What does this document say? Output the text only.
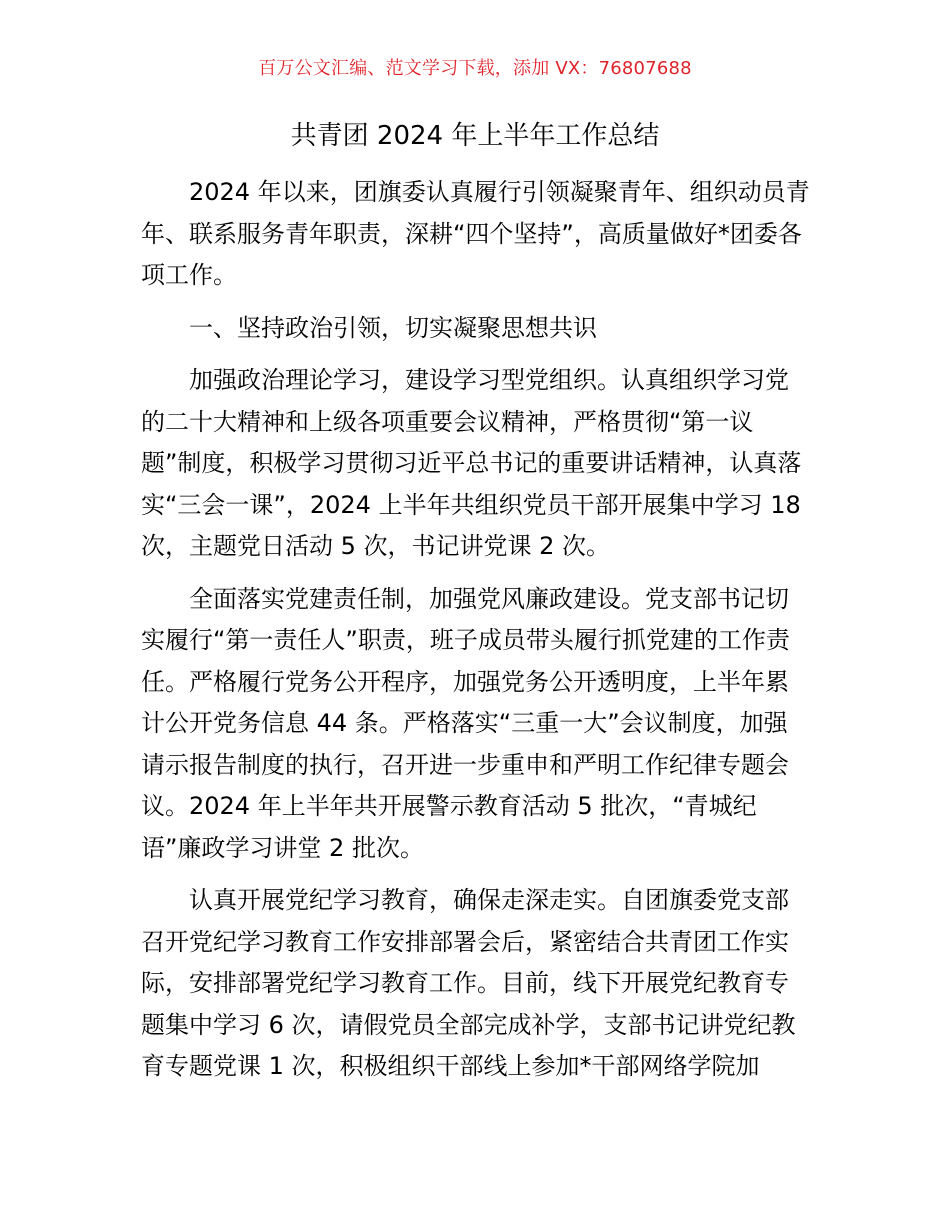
百万公文汇编、范文学习下载，添加 VX：76807688
共青团 2024 年上半年工作总结

2024 年以来，团旗委认真履行引领凝聚青年、组织动员青年、联系服务青年职责，深耕“四个坚持”，高质量做好*团委各项工作。

一、坚持政治引领，切实凝聚思想共识

加强政治理论学习，建设学习型党组织。认真组织学习党的二十大精神和上级各项重要会议精神，严格贯彻“第一议题”制度，积极学习贯彻习近平总书记的重要讲话精神，认真落实“三会一课”，2024 上半年共组织党员干部开展集中学习 18 次，主题党日活动 5 次，书记讲党课 2 次。

全面落实党建责任制，加强党风廉政建设。党支部书记切实履行“第一责任人”职责，班子成员带头履行抓党建的工作责任。严格履行党务公开程序，加强党务公开透明度，上半年累计公开党务信息 44 条。严格落实“三重一大”会议制度，加强请示报告制度的执行，召开进一步重申和严明工作纪律专题会议。2024 年上半年共开展警示教育活动 5 批次，“青城纪语”廉政学习讲堂 2 批次。

认真开展党纪学习教育，确保走深走实。自团旗委党支部召开党纪学习教育工作安排部署会后，紧密结合共青团工作实际，安排部署党纪学习教育工作。目前，线下开展党纪教育专题集中学习 6 次，请假党员全部完成补学，支部书记讲党纪教育专题党课 1 次，积极组织干部线上参加*干部网络学院加
